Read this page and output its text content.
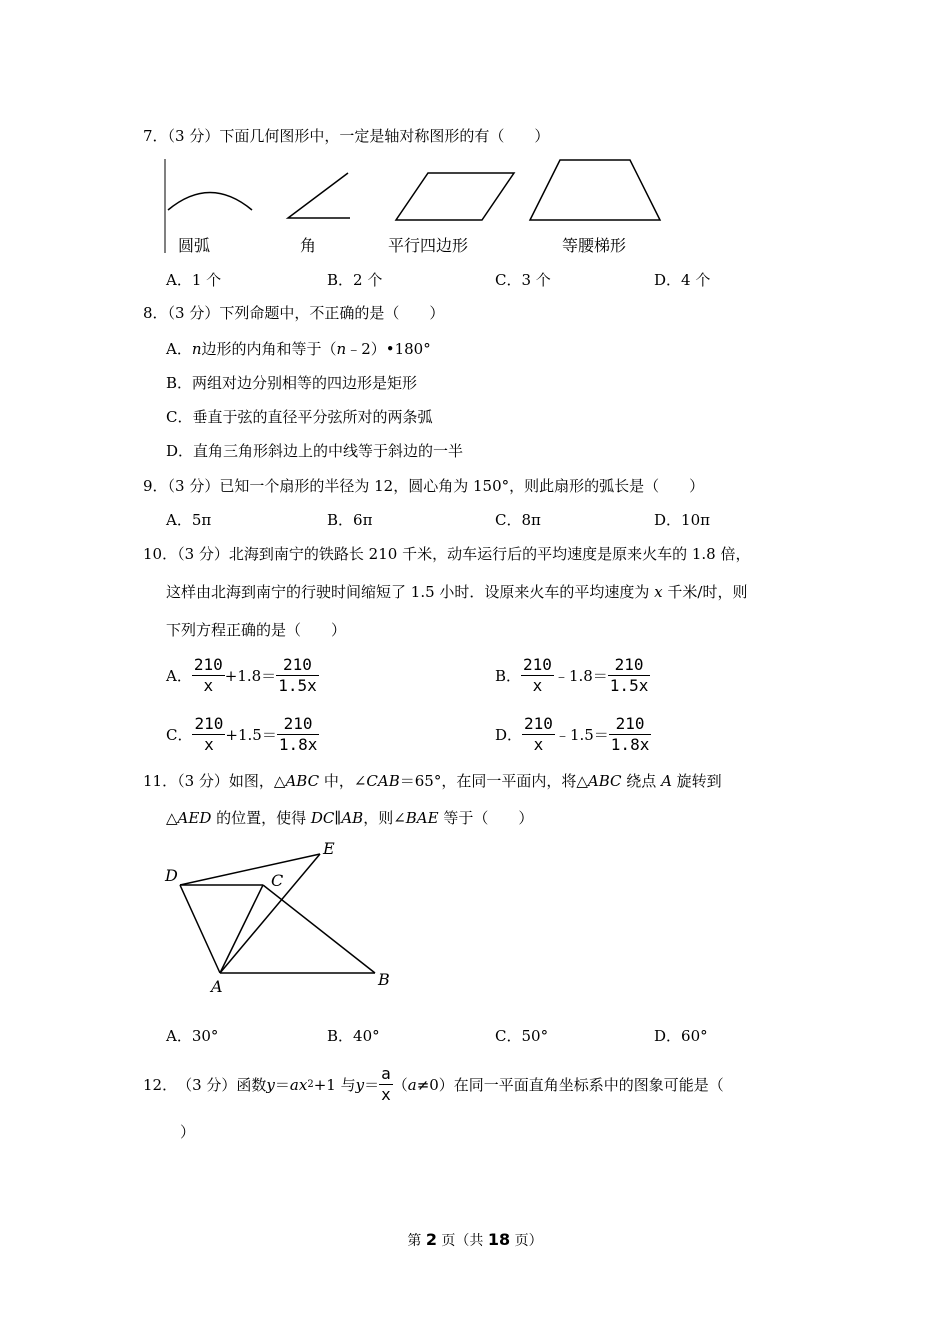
7．（3 分）下面几何图形中，一定是轴对称图形的有（　　）
圆弧	角	平行四边形	等腰梯形
A．1 个	B．2 个	C．3 个	D．4 个
8．（3 分）下列命题中，不正确的是（　　）
A．n边形的内角和等于（n﹣2）•180°
B．两组对边分别相等的四边形是矩形
C．垂直于弦的直径平分弦所对的两条弧
D．直角三角形斜边上的中线等于斜边的一半
9．（3 分）已知一个扇形的半径为 12，圆心角为 150°，则此扇形的弧长是（　　）
A．5π	B．6π	C．8π	D．10π
10．（3 分）北海到南宁的铁路长 210 千米，动车运行后的平均速度是原来火车的 1.8 倍，
这样由北海到南宁的行驶时间缩短了 1.5 小时．设原来火车的平均速度为 x 千米/时，则
下列方程正确的是（　　）
A． $\frac{210}{x} +1.8= \frac{210}{1.5x}$	B． $\frac{210}{x}$ ﹣1.8＝ $\frac{210}{1.5x}$
C． $\frac{210}{x} +1.5= \frac{210}{1.8x}$	D． $\frac{210}{x}$ ﹣1.5＝ $\frac{210}{1.8x}$
11．（3 分）如图，△ABC 中，∠CAB＝65°，在同一平面内，将△ABC 绕点 A 旋转到
△AED 的位置，使得 DC∥AB，则∠BAE 等于（　　）
D
E
C
A	B
A．30°	B．40°	C．50°	D．60°
12． （3 分）函数 y ＝ ax 2 +1 与 $y = \frac{a}{x}$ （ a ≠0）在同一平面直角坐标系中的图象可能是（
）
第 2 页（共 18 页）
